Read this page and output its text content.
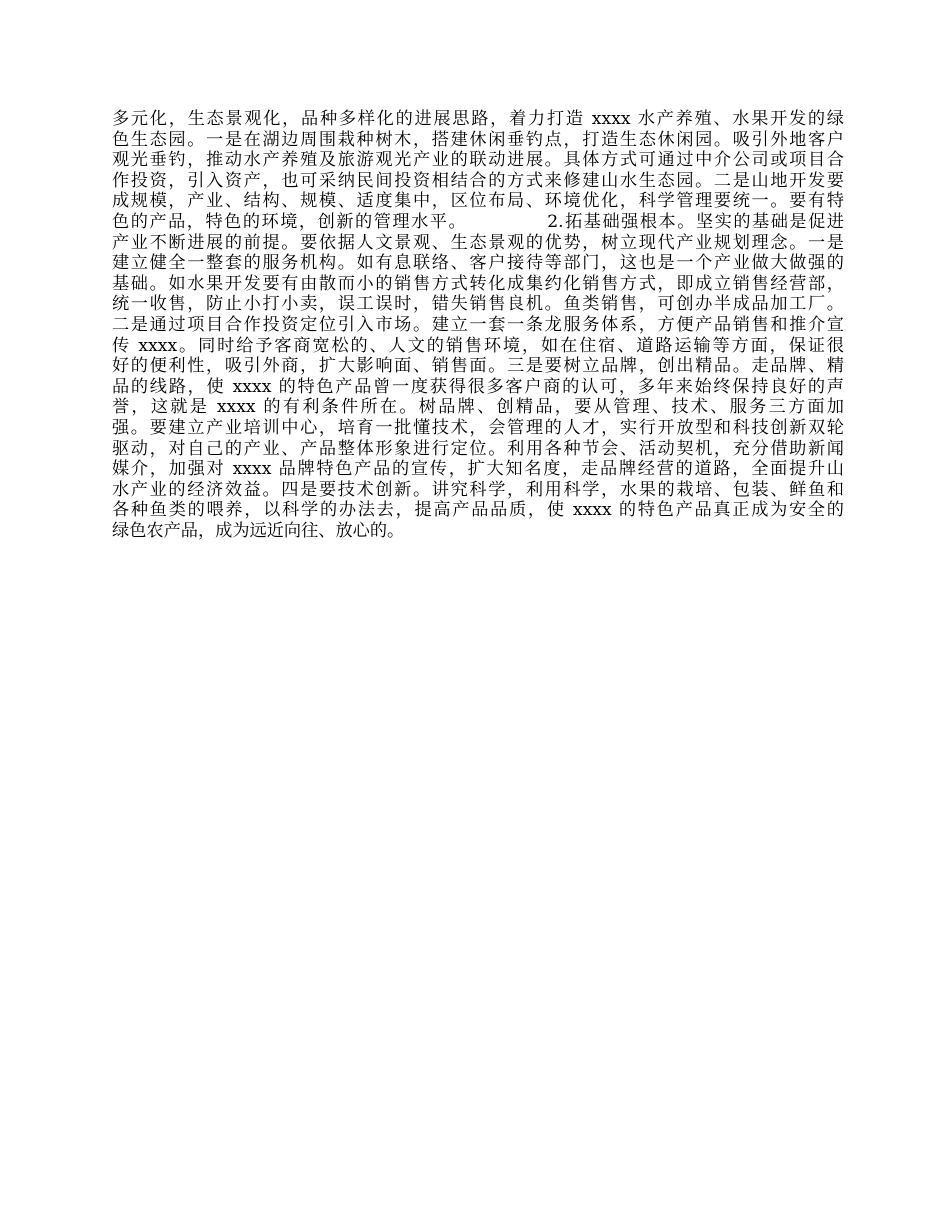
多元化，生态景观化，品种多样化的进展思路，着力打造 xxxx 水产养殖、水果开发的绿
色生态园。一是在湖边周围栽种树木，搭建休闲垂钓点，打造生态休闲园。吸引外地客户
观光垂钓，推动水产养殖及旅游观光产业的联动进展。具体方式可通过中介公司或项目合
作投资，引入资产，也可采纳民间投资相结合的方式来修建山水生态园。二是山地开发要
成规模，产业、结构、规模、适度集中，区位布局、环境优化，科学管理要统一。要有特
色的产品，特色的环境，创新的管理水平。	2.拓基础强根本。坚实的基础是促进
产业不断进展的前提。要依据人文景观、生态景观的优势，树立现代产业规划理念。一是
建立健全一整套的服务机构。如有息联络、客户接待等部门，这也是一个产业做大做强的
基础。如水果开发要有由散而小的销售方式转化成集约化销售方式，即成立销售经营部，
统一收售，防止小打小卖，误工误时，错失销售良机。鱼类销售，可创办半成品加工厂。
二是通过项目合作投资定位引入市场。建立一套一条龙服务体系，方便产品销售和推介宣
传 xxxx。同时给予客商宽松的、人文的销售环境，如在住宿、道路运输等方面，保证很
好的便利性，吸引外商，扩大影响面、销售面。三是要树立品牌，创出精品。走品牌、精
品的线路，使 xxxx 的特色产品曾一度获得很多客户商的认可，多年来始终保持良好的声
誉，这就是 xxxx 的有利条件所在。树品牌、创精品，要从管理、技术、服务三方面加
强。要建立产业培训中心，培育一批懂技术，会管理的人才，实行开放型和科技创新双轮
驱动，对自己的产业、产品整体形象进行定位。利用各种节会、活动契机，充分借助新闻
媒介，加强对 xxxx 品牌特色产品的宣传，扩大知名度，走品牌经营的道路，全面提升山
水产业的经济效益。四是要技术创新。讲究科学，利用科学，水果的栽培、包装、鲜鱼和
各种鱼类的喂养，以科学的办法去，提高产品品质，使 xxxx 的特色产品真正成为安全的
绿色农产品，成为远近向往、放心的。
